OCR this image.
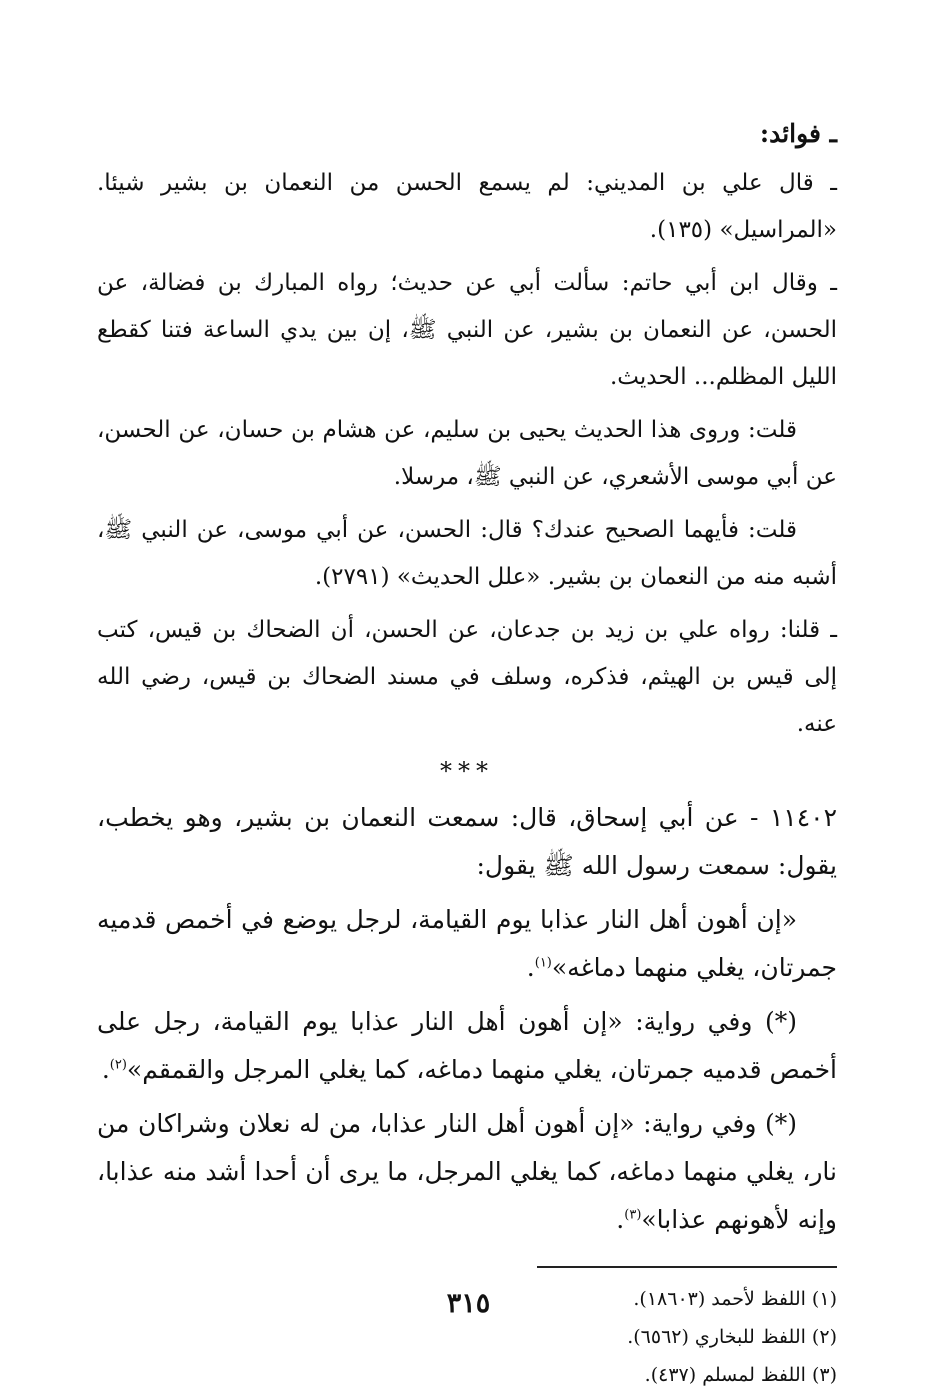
ـ فوائد:

ـ قال علي بن المديني: لم يسمع الحسن من النعمان بن بشير شيئا. «المراسيل» (١٣٥).

ـ وقال ابن أبي حاتم: سألت أبي عن حديث؛ رواه المبارك بن فضالة، عن الحسن، عن النعمان بن بشير، عن النبي ﷺ، إن بين يدي الساعة فتنا كقطع الليل المظلم... الحديث.

قلت: وروى هذا الحديث يحيى بن سليم، عن هشام بن حسان، عن الحسن، عن أبي موسى الأشعري، عن النبي ﷺ، مرسلا.

قلت: فأيهما الصحيح عندك؟ قال: الحسن، عن أبي موسى، عن النبي ﷺ، أشبه منه من النعمان بن بشير. «علل الحديث» (٢٧٩١).

ـ قلنا: رواه علي بن زيد بن جدعان، عن الحسن، أن الضحاك بن قيس، كتب إلى قيس بن الهيثم، فذكره، وسلف في مسند الضحاك بن قيس، رضي الله عنه.

***

١١٤٠٢ - عن أبي إسحاق، قال: سمعت النعمان بن بشير، وهو يخطب، يقول: سمعت رسول الله ﷺ يقول:

«إن أهون أهل النار عذابا يوم القيامة، لرجل يوضع في أخمص قدميه جمرتان، يغلي منهما دماغه»$^{(١)}$.

(*) وفي رواية: «إن أهون أهل النار عذابا يوم القيامة، رجل على أخمص قدميه جمرتان، يغلي منهما دماغه، كما يغلي المرجل والقمقم»$^{(٢)}$.

(*) وفي رواية: «إن أهون أهل النار عذابا، من له نعلان وشراكان من نار، يغلي منهما دماغه، كما يغلي المرجل، ما يرى أن أحدا أشد منه عذابا، وإنه لأهونهم عذابا»$^{(٣)}$.

(١) اللفظ لأحمد (١٨٦٠٣).

(٢) اللفظ للبخاري (٦٥٦٢).

(٣) اللفظ لمسلم (٤٣٧).

٣١٥
